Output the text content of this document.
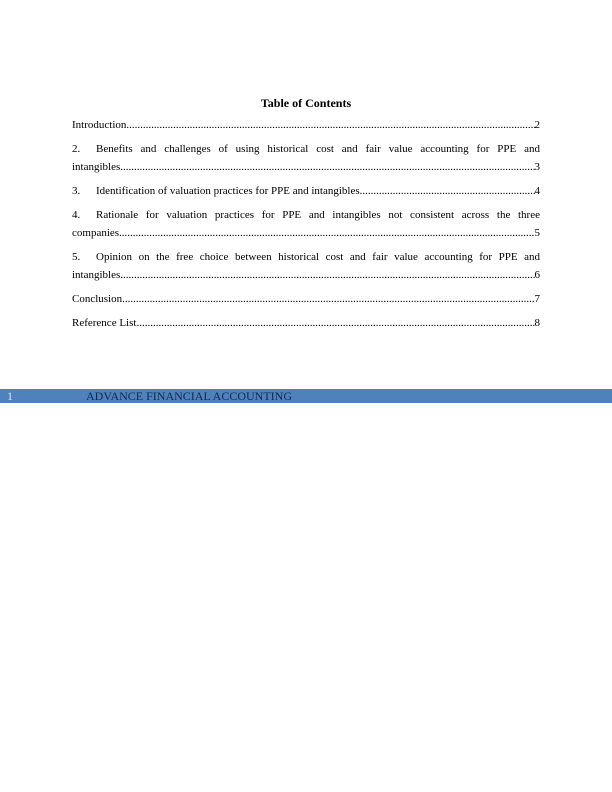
Table of Contents
Introduction .....	2
2. Benefits and challenges of using historical cost and fair value accounting for PPE and
intangibles .....	3
3.	Identification of valuation practices for PPE and intangibles .....	4
4. Rationale for valuation practices for PPE and intangibles not consistent across the three
companies .....	5
5. Opinion on the free choice between historical cost and fair value accounting for PPE and
intangibles .....	6
Conclusion .....	7
Reference List .....	8
1	ADVANCE FINANCIAL ACCOUNTING
